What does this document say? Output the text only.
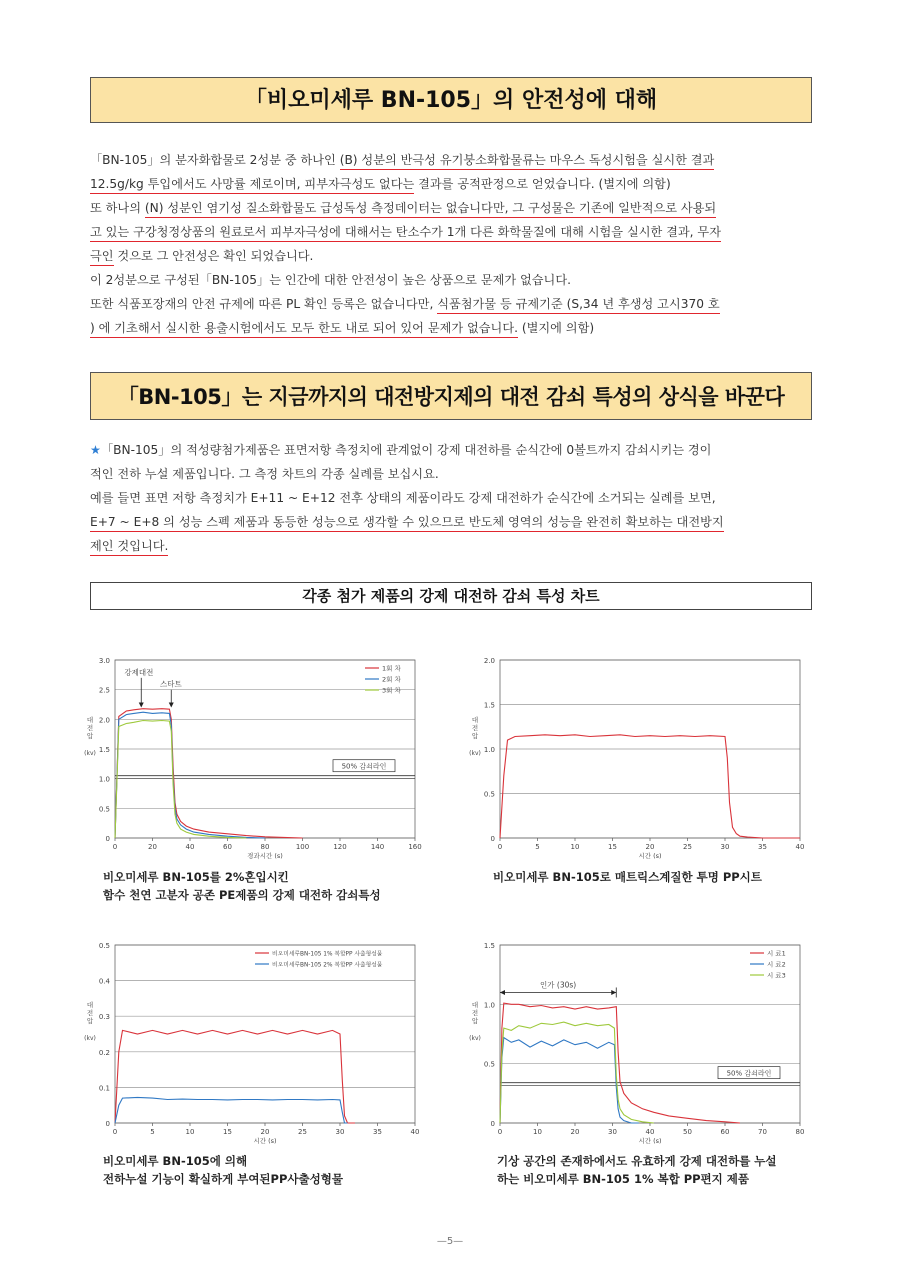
「비오미세루 BN-105」의 안전성에 대해
「BN-105」의 분자화합물로 2성분 중 하나인 (B) 성분의 반극성 유기붕소화합물류는 마우스 독성시험을 실시한 결과
12.5g/kg 투입에서도 사망률 제로이며, 피부자극성도 없다는 결과를 공적판정으로 얻었습니다. (별지에 의함)
또 하나의 (N) 성분인 염기성 질소화합물도 급성독성 측정데이터는 없습니다만, 그 구성물은 기존에 일반적으로 사용되
고 있는 구강청정상품의 원료로서 피부자극성에 대해서는 탄소수가 1개 다른 화학물질에 대해 시험을 실시한 결과, 무자
극인 것으로 그 안전성은 확인 되었습니다.
이 2성분으로 구성된「BN-105」는 인간에 대한 안전성이 높은 상품으로 문제가 없습니다.
또한 식품포장재의 안전 규제에 따른 PL 확인 등록은 없습니다만, 식품첨가물 등 규제기준 (S,34 년 후생성 고시370 호
) 에 기초해서 실시한 용출시험에서도 모두 한도 내로 되어 있어 문제가 없습니다. (별지에 의함)
「BN-105」는 지금까지의 대전방지제의 대전 감쇠 특성의 상식을 바꾼다
★「BN-105」의 적성량첨가제품은 표면저항 측정치에 관계없이 강제 대전하를 순식간에 0볼트까지 감쇠시키는 경이
적인 전하 누설 제품입니다. 그 측정 차트의 각종 실례를 보십시요.
예를 들면 표면 저항 측정치가 E+11 ~ E+12 전후 상태의 제품이라도 강제 대전하가 순식간에 소거되는 실례를 보면,
E+7 ~ E+8 의 성능 스펙 제품과 동등한 성능으로 생각할 수 있으므로 반도체 영역의 성능을 완전히 확보하는 대전방지
제인 것입니다.
각종 첨가 제품의 강제 대전하 감쇠 특성 차트
0
0.5
1.0
1.5
2.0
2.5
3.0
0	20	40	60	80	100	120	140	160
경과시간 (s)
대
전
압
(kv)
50% 감쇠라인
1회 차
2회 차
3회 차
강제대전
스타트
0
0.5
1.0
1.5
2.0
0	5	10	15	20	25	30	35	40
시간 (s)
대
전
압
(kv)
0
0.1
0.2
0.3
0.4
0.5
0	5	10	15	20	25	30	35	40
시간 (s)
대
전
압
(kv)
비오미세루BN-105 1% 복합PP 사출형성물
비오미세루BN-105 2% 복합PP 사출형성물
0
0.5
1.0
1.5
0	10	20	30	40	50	60	70	80
시간 (s)
대
전
압
(kv)
50% 감쇠라인
시 료1
시 료2
시 료3
인가 (30s)
비오미세루 BN-105를 2%혼입시킨
함수 천연 고분자 공존 PE제품의 강제 대전하 감쇠특성
비오미세루 BN-105로 매트릭스계질한 투명 PP시트
비오미세루 BN-105에 의해
전하누설 기능이 확실하게 부여된PP사출성형물
기상 공간의 존재하에서도 유효하게 강제 대전하를 누설
하는 비오미세루 BN-105 1% 복합 PP편지 제품
—5—
